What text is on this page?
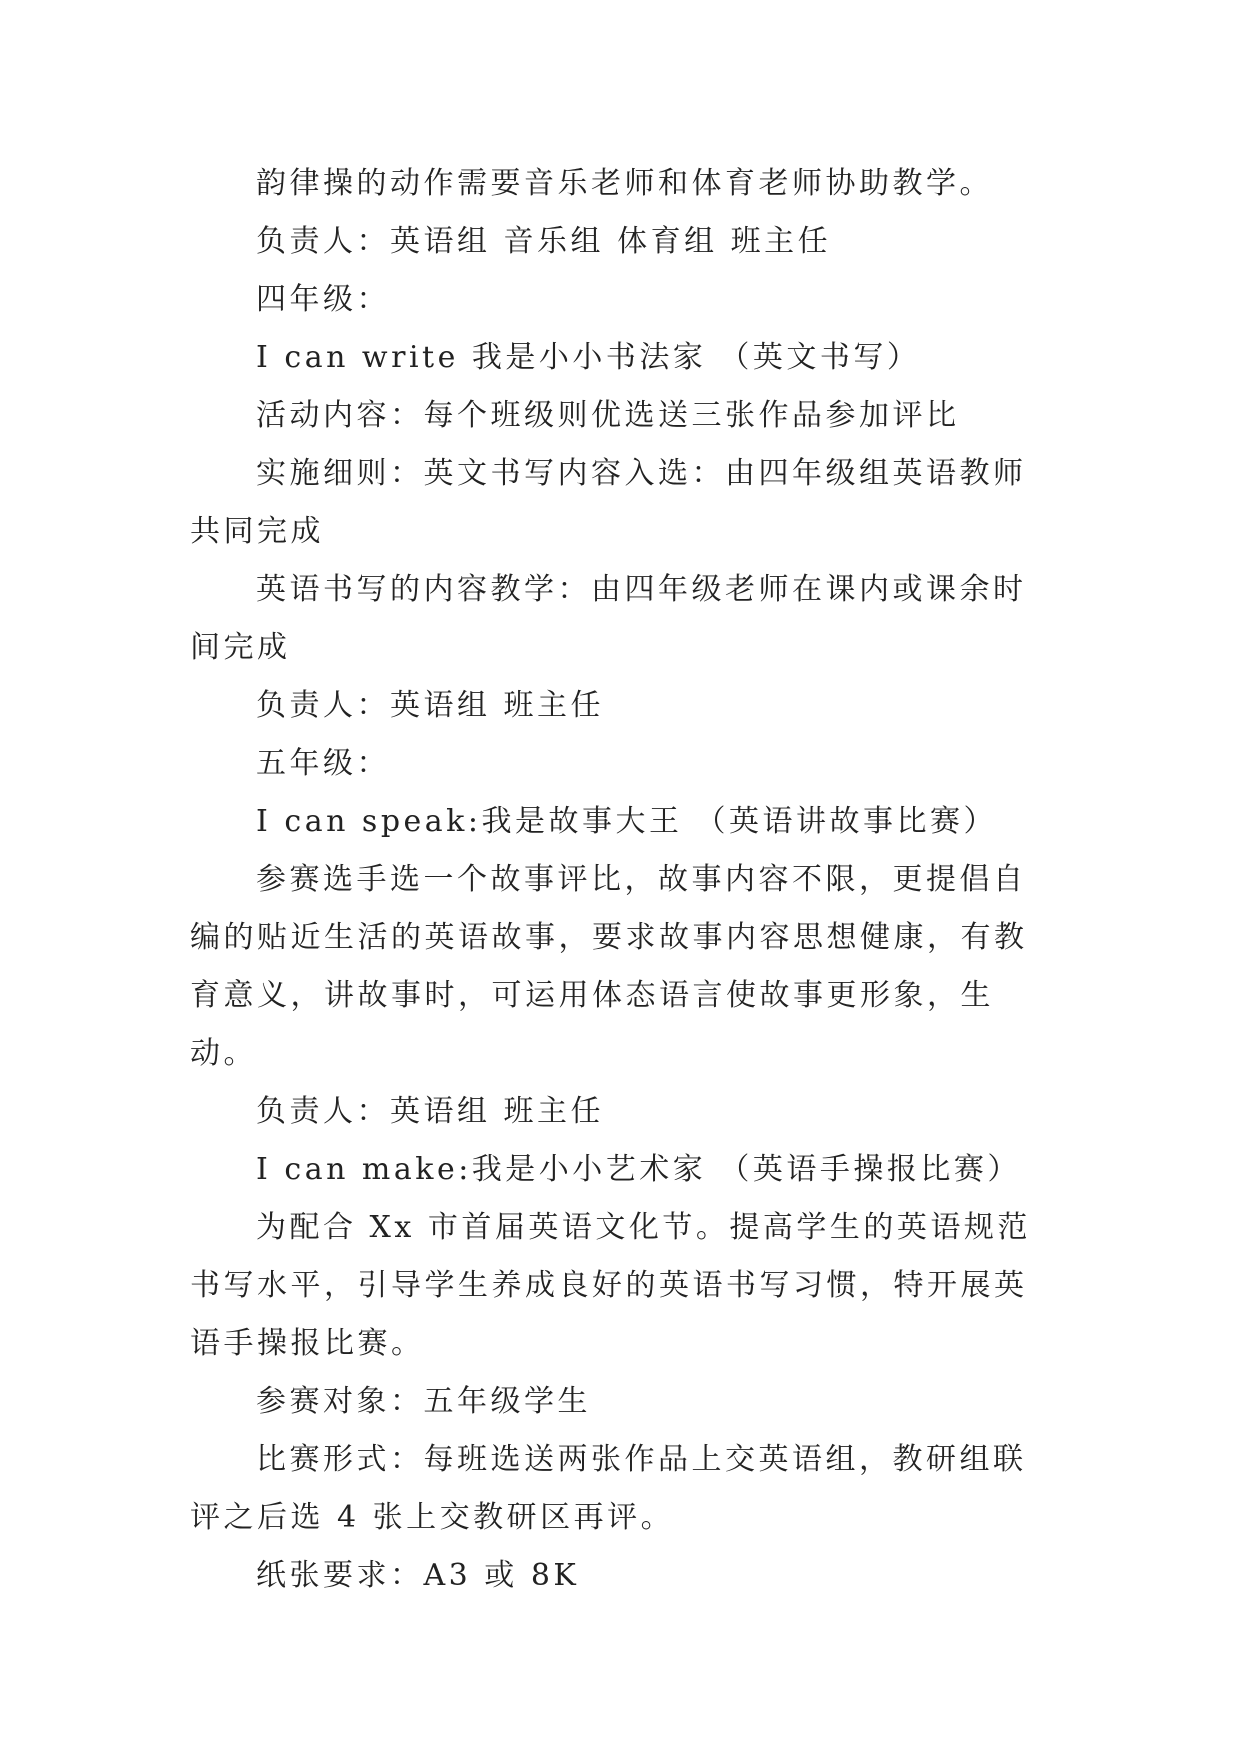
韵律操的动作需要音乐老师和体育老师协助教学。

负责人：英语组 音乐组 体育组 班主任

四年级：

I can write 我是小小书法家 （英文书写）

活动内容：每个班级则优选送三张作品参加评比

实施细则：英文书写内容入选：由四年级组英语教师共同完成

英语书写的内容教学：由四年级老师在课内或课余时间完成

负责人：英语组 班主任

五年级：

I can speak:我是故事大王 （英语讲故事比赛）

参赛选手选一个故事评比，故事内容不限，更提倡自编的贴近生活的英语故事，要求故事内容思想健康，有教育意义，讲故事时，可运用体态语言使故事更形象，生动。

负责人：英语组 班主任

I can make:我是小小艺术家 （英语手操报比赛）

为配合 Xx 市首届英语文化节。提高学生的英语规范书写水平，引导学生养成良好的英语书写习惯，特开展英语手操报比赛。

参赛对象：五年级学生

比赛形式：每班选送两张作品上交英语组，教研组联评之后选 4 张上交教研区再评。

纸张要求：A3 或 8K
